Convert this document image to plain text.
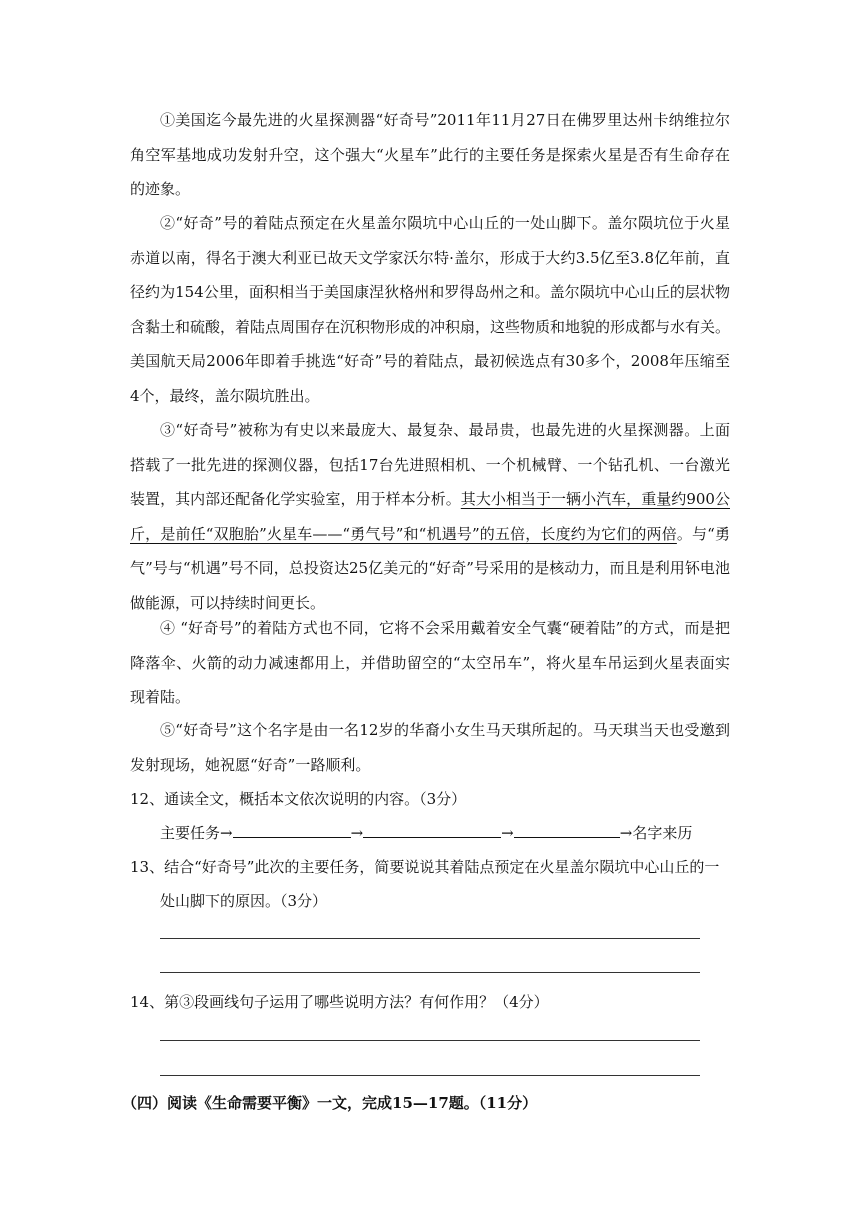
①美国迄今最先进的火星探测器“好奇号”2011年11月27日在佛罗里达州卡纳维拉尔角空军基地成功发射升空，这个强大“火星车”此行的主要任务是探索火星是否有生命存在的迹象。

②“好奇”号的着陆点预定在火星盖尔陨坑中心山丘的一处山脚下。盖尔陨坑位于火星赤道以南，得名于澳大利亚已故天文学家沃尔特·盖尔，形成于大约3.5亿至3.8亿年前，直径约为154公里，面积相当于美国康涅狄格州和罗得岛州之和。盖尔陨坑中心山丘的层状物含黏土和硫酸，着陆点周围存在沉积物形成的冲积扇，这些物质和地貌的形成都与水有关。美国航天局2006年即着手挑选“好奇”号的着陆点，最初候选点有30多个，2008年压缩至4个，最终，盖尔陨坑胜出。

③“好奇号”被称为有史以来最庞大、最复杂、最昂贵，也最先进的火星探测器。上面搭载了一批先进的探测仪器，包括17台先进照相机、一个机械臂、一个钻孔机、一台激光装置，其内部还配备化学实验室，用于样本分析。其大小相当于一辆小汽车，重量约900公斤，是前任“双胞胎”火星车——“勇气号”和“机遇号”的五倍，长度约为它们的两倍。与“勇气”号与“机遇”号不同，总投资达25亿美元的“好奇”号采用的是核动力，而且是利用钚电池做能源，可以持续时间更长。

④ “好奇号”的着陆方式也不同，它将不会采用戴着安全气囊“硬着陆”的方式，而是把降落伞、火箭的动力减速都用上，并借助留空的“太空吊车”，将火星车吊运到火星表面实现着陆。

⑤“好奇号”这个名字是由一名12岁的华裔小女生马天琪所起的。马天琪当天也受邀到发射现场，她祝愿“好奇”一路顺利。

12、通读全文，概括本文依次说明的内容。（3分）

主要任务→	→	→	→名字来历

13、结合“好奇号”此次的主要任务，简要说说其着陆点预定在火星盖尔陨坑中心山丘的一

处山脚下的原因。（3分）

14、第③段画线句子运用了哪些说明方法？有何作用？（4分）

（四）阅读《生命需要平衡》一文，完成15—17题。（11分）
